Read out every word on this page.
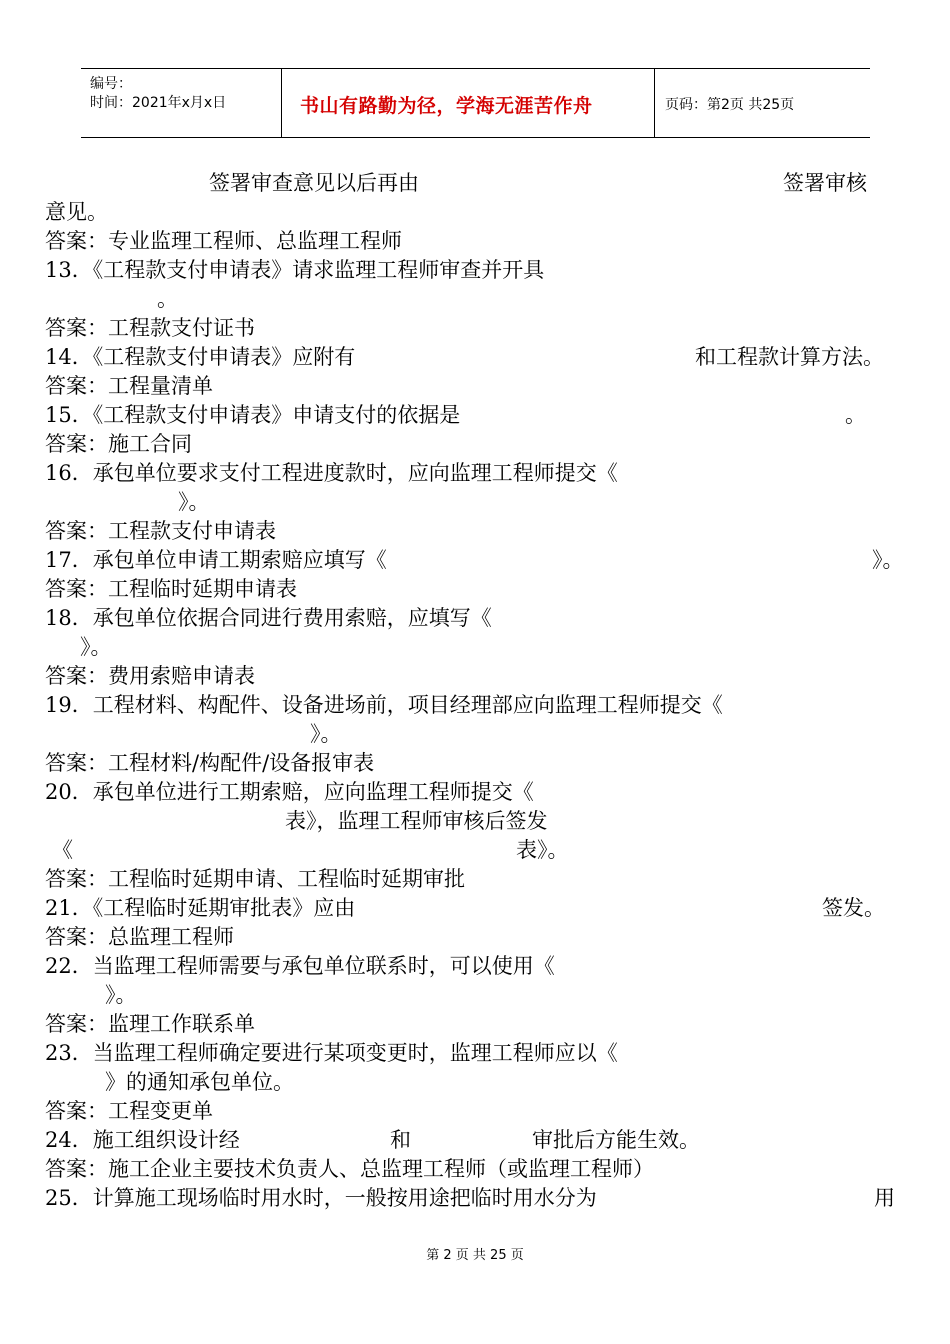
编号：
时间：2021年x月x日	书山有路勤为径，学海无涯苦作舟	页码：第2页 共25页
签署审查意见以后再由	签署审核
意见。
答案：专业监理工程师、总监理工程师
13．《工程款支付申请表》请求监理工程师审查并开具
。
答案：工程款支付证书
14．《工程款支付申请表》应附有	和工程款计算方法。
答案：工程量清单
15．《工程款支付申请表》申请支付的依据是	。
答案：施工合同
16．承包单位要求支付工程进度款时，应向监理工程师提交《
》。
答案：工程款支付申请表
17．承包单位申请工期索赔应填写《	》。
答案：工程临时延期申请表
18．承包单位依据合同进行费用索赔，应填写《
》。
答案：费用索赔申请表
19．工程材料、构配件、设备进场前，项目经理部应向监理工程师提交《
》。
答案：工程材料/构配件/设备报审表
20．承包单位进行工期索赔，应向监理工程师提交《
表》，监理工程师审核后签发
《	表》。
答案：工程临时延期申请、工程临时延期审批
21．《工程临时延期审批表》应由	签发。
答案：总监理工程师
22．当监理工程师需要与承包单位联系时，可以使用《
》。
答案：监理工作联系单
23．当监理工程师确定要进行某项变更时，监理工程师应以《
》的通知承包单位。
答案：工程变更单
24．施工组织设计经	和	审批后方能生效。
答案：施工企业主要技术负责人、总监理工程师（或监理工程师）
25．计算施工现场临时用水时，一般按用途把临时用水分为	用
第 2 页 共 25 页
